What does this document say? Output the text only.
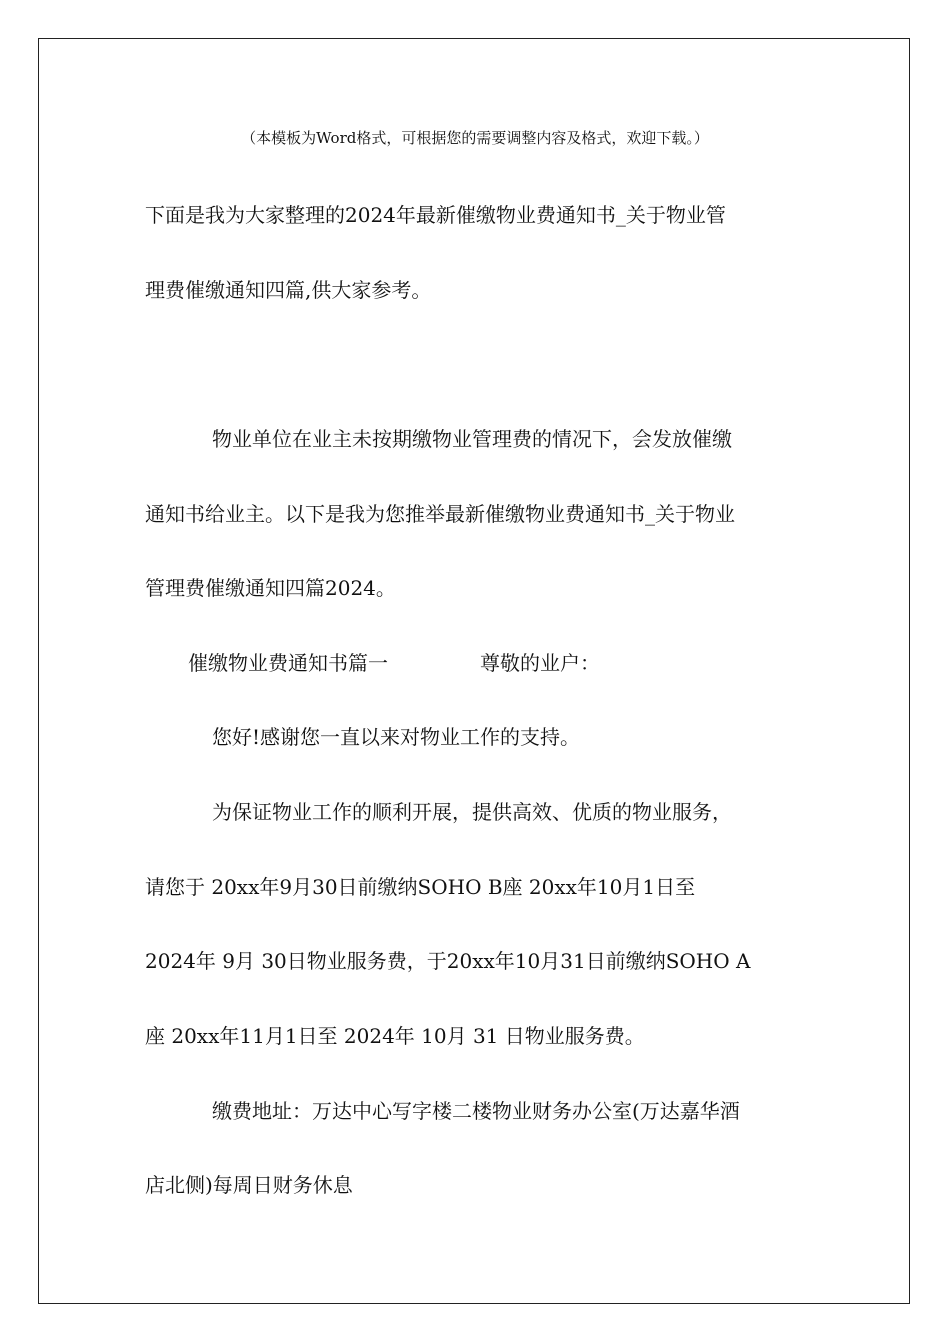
（本模板为Word格式，可根据您的需要调整内容及格式，欢迎下载。）
下面是我为大家整理的2024年最新催缴物业费通知书_关于物业管
理费催缴通知四篇,供大家参考。
物业单位在业主未按期缴物业管理费的情况下，会发放催缴
通知书给业主。以下是我为您推举最新催缴物业费通知书_关于物业
管理费催缴通知四篇2024。
催缴物业费通知书篇一	尊敬的业户：
您好!感谢您一直以来对物业工作的支持。
为保证物业工作的顺利开展，提供高效、优质的物业服务，
请您于 20xx年9月30日前缴纳SOHO B座 20xx年10月1日至
2024年 9月 30日物业服务费，于20xx年10月31日前缴纳SOHO A
座 20xx年11月1日至 2024年 10月 31 日物业服务费。
缴费地址：万达中心写字楼二楼物业财务办公室(万达嘉华酒
店北侧)每周日财务休息
